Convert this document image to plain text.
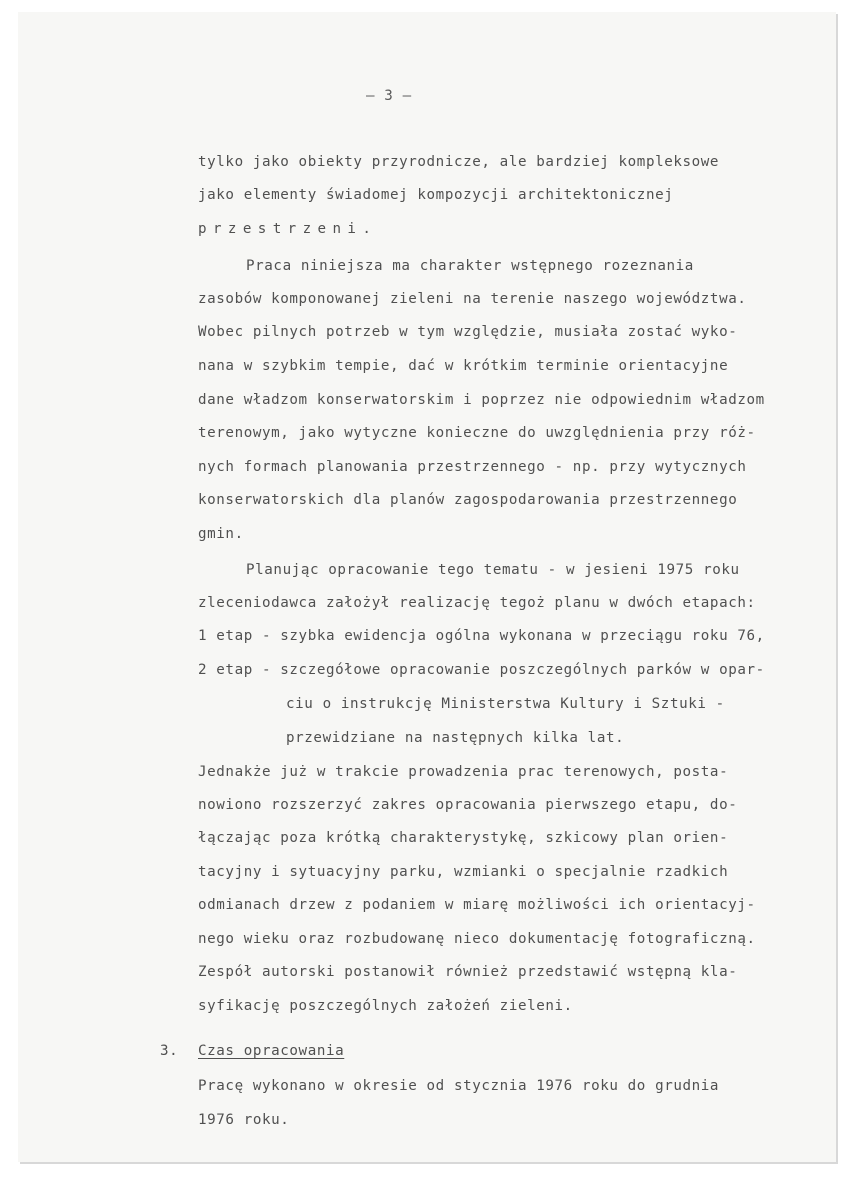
— 3 —
tylko jako obiekty przyrodnicze, ale bardziej kompleksowe
jako elementy świadomej kompozycji architektonicznej
przestrzeni.
Praca niniejsza ma charakter wstępnego rozeznania
zasobów komponowanej zieleni na terenie naszego województwa.
Wobec pilnych potrzeb w tym względzie, musiała zostać wyko-
nana w szybkim tempie, dać w krótkim terminie orientacyjne
dane władzom konserwatorskim i poprzez nie odpowiednim władzom
terenowym, jako wytyczne konieczne do uwzględnienia przy róż-
nych formach planowania przestrzennego - np. przy wytycznych
konserwatorskich dla planów zagospodarowania przestrzennego
gmin.
Planując opracowanie tego tematu - w jesieni 1975 roku
zleceniodawca założył realizację tegoż planu w dwóch etapach:
1 etap - szybka ewidencja ogólna wykonana w przeciągu roku 76,
2 etap - szczegółowe opracowanie poszczególnych parków w opar-
ciu o instrukcję Ministerstwa Kultury i Sztuki -
przewidziane na następnych kilka lat.
Jednakże już w trakcie prowadzenia prac terenowych, posta-
nowiono rozszerzyć zakres opracowania pierwszego etapu, do-
łączając poza krótką charakterystykę, szkicowy plan orien-
tacyjny i sytuacyjny parku, wzmianki o specjalnie rzadkich
odmianach drzew z podaniem w miarę możliwości ich orientacyj-
nego wieku oraz rozbudowanę nieco dokumentację fotograficzną.
Zespół autorski postanowił również przedstawić wstępną kla-
syfikację poszczególnych założeń zieleni.
3. Czas opracowania
Pracę wykonano w okresie od stycznia 1976 roku do grudnia
1976 roku.
